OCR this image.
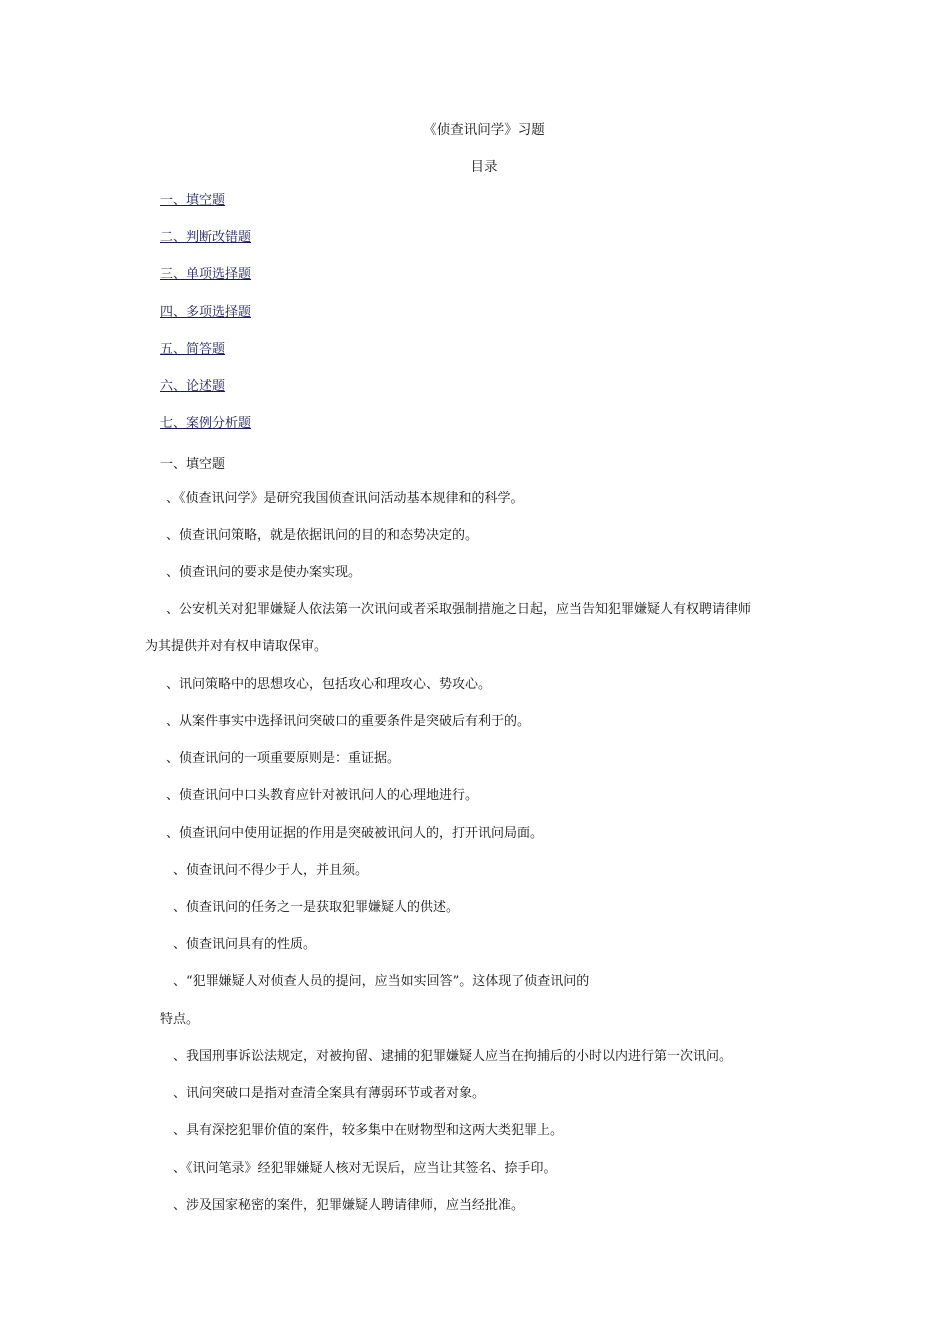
《侦查讯问学》习题
目录
一、填空题
二、判断改错题
三、单项选择题
四、多项选择题
五、简答题
六、论述题
七、案例分析题
一、填空题
、《侦查讯问学》是研究我国侦查讯问活动基本规律和的科学。
、侦查讯问策略，就是依据讯问的目的和态势决定的。
、侦查讯问的要求是使办案实现。
、公安机关对犯罪嫌疑人依法第一次讯问或者采取强制措施之日起，应当告知犯罪嫌疑人有权聘请律师
为其提供并对有权申请取保审。
、讯问策略中的思想攻心，包括攻心和理攻心、势攻心。
、从案件事实中选择讯问突破口的重要条件是突破后有利于的。
、侦查讯问的一项重要原则是：重证据。
、侦查讯问中口头教育应针对被讯问人的心理地进行。
、侦查讯问中使用证据的作用是突破被讯问人的，打开讯问局面。
、侦查讯问不得少于人，并且须。
、侦查讯问的任务之一是获取犯罪嫌疑人的供述。
、侦查讯问具有的性质。
、“犯罪嫌疑人对侦查人员的提问，应当如实回答”。这体现了侦查讯问的
特点。
、我国刑事诉讼法规定，对被拘留、逮捕的犯罪嫌疑人应当在拘捕后的小时以内进行第一次讯问。
、讯问突破口是指对查清全案具有薄弱环节或者对象。
、具有深挖犯罪价值的案件，较多集中在财物型和这两大类犯罪上。
、《讯问笔录》经犯罪嫌疑人核对无误后，应当让其签名、捺手印。
、涉及国家秘密的案件，犯罪嫌疑人聘请律师，应当经批准。
